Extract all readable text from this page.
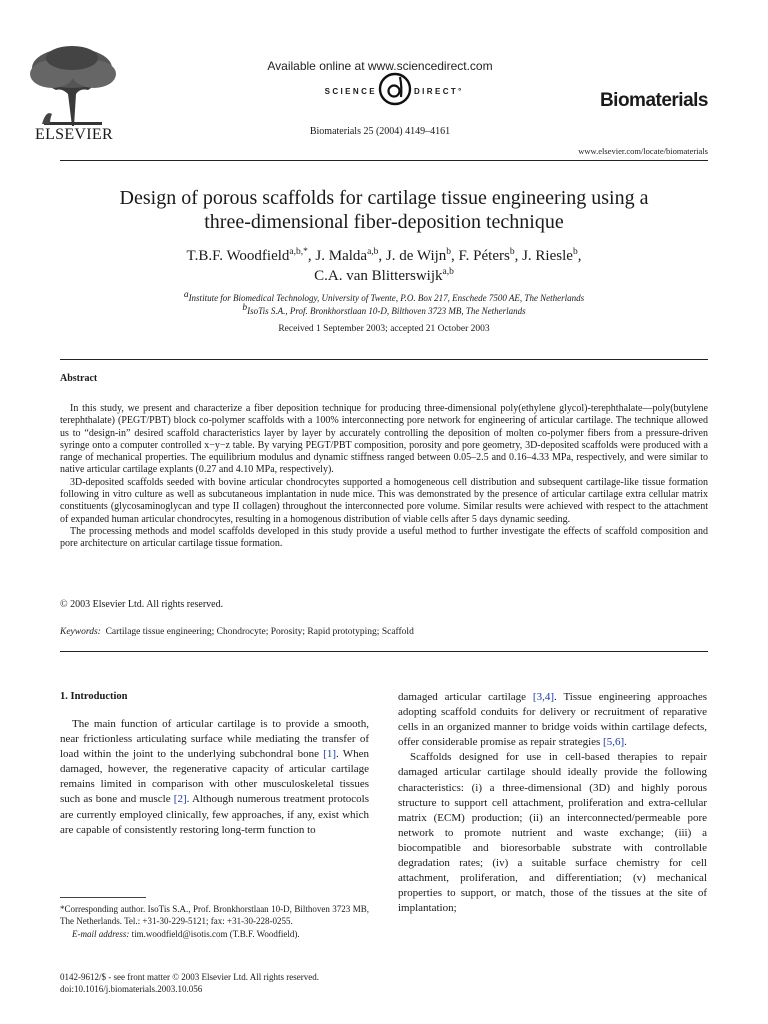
ELSEVIER
Available online at www.sciencedirect.com
SCIENCE	DIRECT°
Biomaterials 25 (2004) 4149–4161
Biomaterials
www.elsevier.com/locate/biomaterials
Design of porous scaffolds for cartilage tissue engineering using a
three-dimensional fiber-deposition technique
T.B.F. Woodfield$^{a,b,*}$, J. Malda$^{a,b}$, J. de Wijn$^b$, F. Péters$^b$, J. Riesle$^b$,
C.A. van Blitterswijk$^{a,b}$
$^a$Institute for Biomedical Technology, University of Twente, P.O. Box 217, Enschede 7500 AE, The Netherlands
$^b$IsoTis S.A., Prof. Bronkhorstlaan 10-D, Bilthoven 3723 MB, The Netherlands
Received 1 September 2003; accepted 21 October 2003
Abstract

In this study, we present and characterize a fiber deposition technique for producing three-dimensional poly(ethylene glycol)-terephthalate—poly(butylene terephthalate) (PEGT/PBT) block co-polymer scaffolds with a 100% interconnecting pore network for engineering of articular cartilage. The technique allowed us to “design-in” desired scaffold characteristics layer by layer by accurately controlling the deposition of molten co-polymer fibers from a pressure-driven syringe onto a computer controlled x−y−z table. By varying PEGT/PBT composition, porosity and pore geometry, 3D-deposited scaffolds were produced with a range of mechanical properties. The equilibrium modulus and dynamic stiffness ranged between 0.05–2.5 and 0.16–4.33 MPa, respectively, and were similar to native articular cartilage explants (0.27 and 4.10 MPa, respectively).

3D-deposited scaffolds seeded with bovine articular chondrocytes supported a homogeneous cell distribution and subsequent cartilage-like tissue formation following in vitro culture as well as subcutaneous implantation in nude mice. This was demonstrated by the presence of articular cartilage extra cellular matrix constituents (glycosaminoglycan and type II collagen) throughout the interconnected pore volume. Similar results were achieved with respect to the attachment of expanded human articular chondrocytes, resulting in a homogenous distribution of viable cells after 5 days dynamic seeding.

The processing methods and model scaffolds developed in this study provide a useful method to further investigate the effects of scaffold composition and pore architecture on articular cartilage tissue formation.

© 2003 Elsevier Ltd. All rights reserved.
Keywords: Cartilage tissue engineering; Chondrocyte; Porosity; Rapid prototyping; Scaffold
1. Introduction

The main function of articular cartilage is to provide a smooth, near frictionless articulating surface while mediating the transfer of load within the joint to the underlying subchondral bone [1]. When damaged, however, the regenerative capacity of articular cartilage remains limited in comparison with other musculoskeletal tissues such as bone and muscle [2]. Although numerous treatment protocols are currently employed clinically, few approaches, if any, exist which are capable of consistently restoring long-term function to

damaged articular cartilage [3,4]. Tissue engineering approaches adopting scaffold conduits for delivery or recruitment of reparative cells in an organized manner to bridge voids within cartilage defects, offer considerable promise as repair strategies [5,6].

Scaffolds designed for use in cell-based therapies to repair damaged articular cartilage should ideally provide the following characteristics: (i) a three-dimensional (3D) and highly porous structure to support cell attachment, proliferation and extra-cellular matrix (ECM) production; (ii) an interconnected/permeable pore network to promote nutrient and waste exchange; (iii) a biocompatible and bioresorbable substrate with controllable degradation rates; (iv) a suitable surface chemistry for cell attachment, proliferation, and differentiation; (v) mechanical properties to support, or match, those of the tissues at the site of implantation;

*Corresponding author. IsoTis S.A., Prof. Bronkhorstlaan 10-D, Bilthoven 3723 MB, The Netherlands. Tel.: +31-30-229-5121; fax: +31-30-228-0255.

E-mail address: tim.woodfield@isotis.com (T.B.F. Woodfield).

0142-9612/$ - see front matter © 2003 Elsevier Ltd. All rights reserved.

doi:10.1016/j.biomaterials.2003.10.056
